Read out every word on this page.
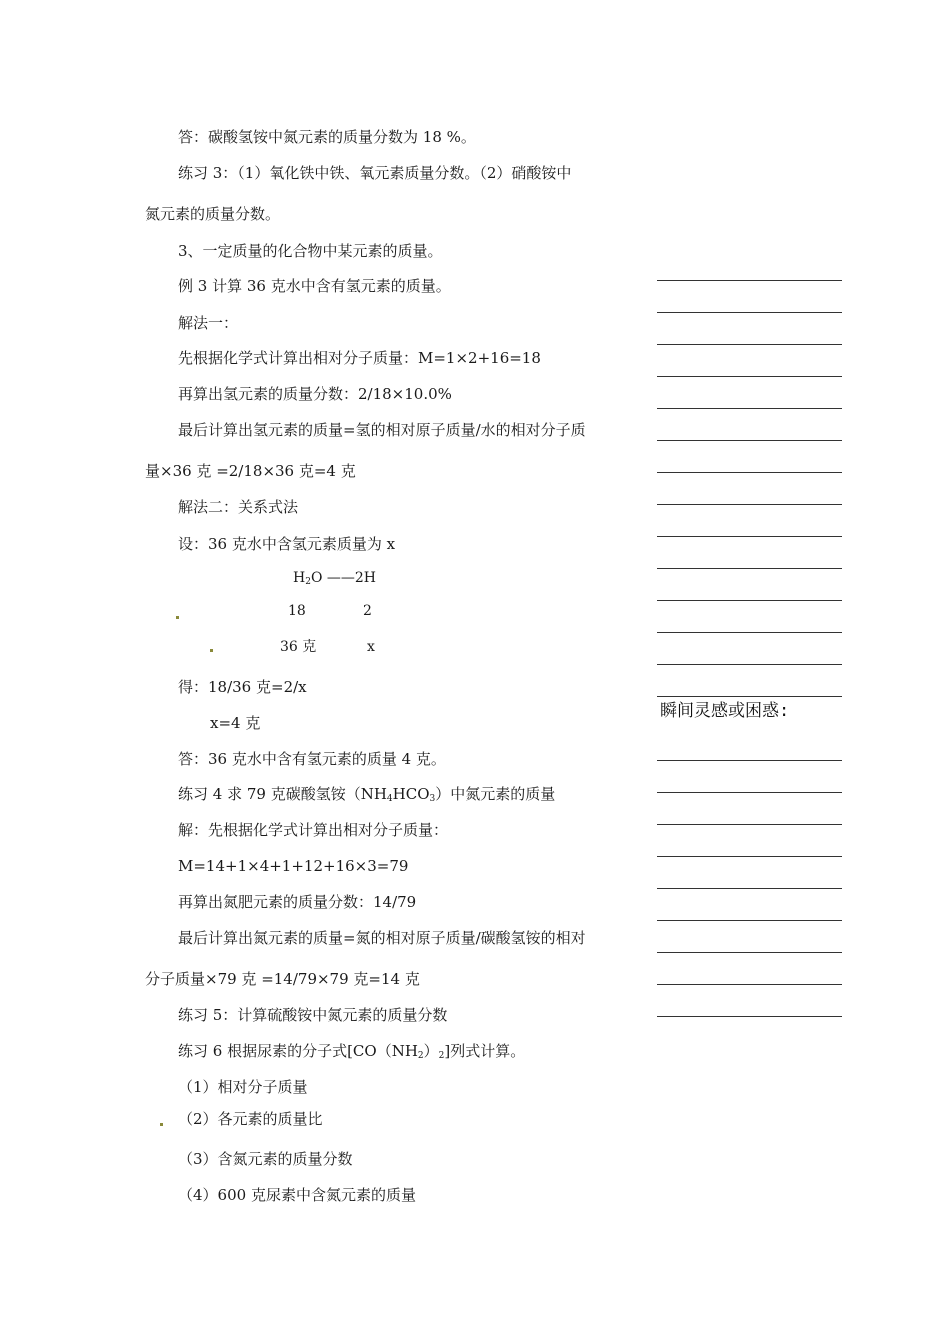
答：碳酸氢铵中氮元素的质量分数为 18 %。
练习 3：（1）氧化铁中铁、氧元素质量分数。（2）硝酸铵中
氮元素的质量分数。
3、一定质量的化合物中某元素的质量。
例 3 计算 36 克水中含有氢元素的质量。
解法一：
先根据化学式计算出相对分子质量：M=1×2+16=18
再算出氢元素的质量分数：2/18×10.0%
最后计算出氢元素的质量=氢的相对原子质量/水的相对分子质
量×36 克 =2/18×36 克=4 克
解法二：关系式法
设：36 克水中含氢元素质量为 x
$H_2O$ ——2H
18	2
36 克	x
得：18/36 克=2/x
x=4 克
答：36 克水中含有氢元素的质量 4 克。
练习 4 求 79 克碳酸氢铵$(NH_4HCO_3)$中氮元素的质量
解：先根据化学式计算出相对分子质量：
M=14+1×4+1+12+16×3=79
再算出氮肥元素的质量分数：14/79
最后计算出氮元素的质量=氮的相对原子质量/碳酸氢铵的相对
分子质量×79 克 =14/79×79 克=14 克
练习 5：计算硫酸铵中氮元素的质量分数
练习 6 根据尿素的分子式$[CO(NH_2)_2]$列式计算。
（1）相对分子质量
（2）各元素的质量比
（3）含氮元素的质量分数
（4）600 克尿素中含氮元素的质量
瞬间灵感或困惑:
